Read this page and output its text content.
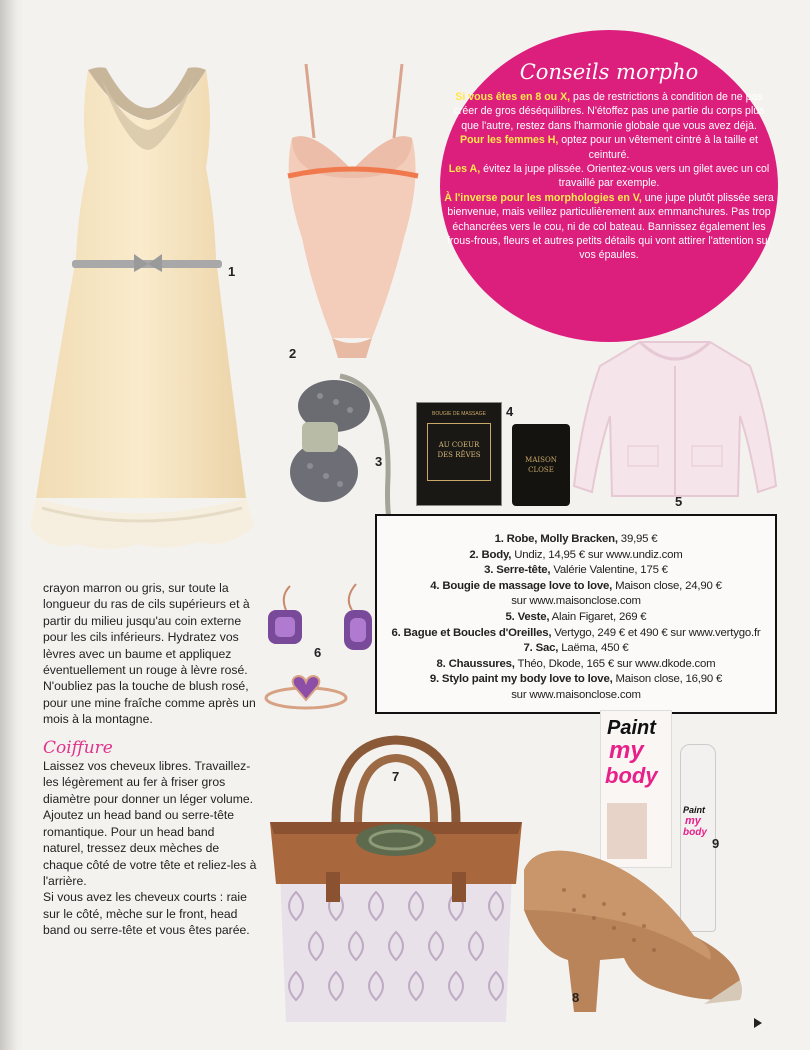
1
2
3
BOUGIE DE MASSAGE
AU COEUR
DES RÊVES
MAISON
CLOSE
4
5
Conseils morpho

Si vous êtes en 8 ou X, pas de restrictions à condition de ne pas créer de gros déséquilibres. N'étoffez pas une partie du corps plus que l'autre, restez dans l'harmonie globale que vous avez déjà.
Pour les femmes H, optez pour un vêtement cintré à la taille et ceinturé.
Les A, évitez la jupe plissée. Orientez-vous vers un gilet avec un col travaillé par exemple.
À l'inverse pour les morphologies en V, une jupe plutôt plissée sera bienvenue, mais veillez particulièrement aux emmanchures. Pas trop échancrées vers le cou, ni de col bateau. Bannissez également les frous-frous, fleurs et autres petits détails qui vont attirer l'attention sur vos épaules.

6
1. Robe, Molly Bracken, 39,95 €
2. Body, Undiz, 14,95 € sur www.undiz.com
3. Serre-tête, Valérie Valentine, 175 €
4. Bougie de massage love to love, Maison close, 24,90 €
sur www.maisonclose.com
5. Veste, Alain Figaret, 269 €
6. Bague et Boucles d'Oreilles, Vertygo, 249 € et 490 € sur www.vertygo.fr
7. Sac, Laëma, 450 €
8. Chaussures, Théo, Dkode, 165 € sur www.dkode.com
9. Stylo paint my body love to love, Maison close, 16,90 €
sur www.maisonclose.com

crayon marron ou gris, sur toute la longueur du ras de cils supérieurs et à partir du milieu jusqu'au coin externe pour les cils inférieurs. Hydratez vos lèvres avec un baume et appliquez éventuellement un rouge à lèvre rosé. N'oubliez pas la touche de blush rosé, pour une mine fraîche comme après un mois à la montagne.

Coiffure

Laissez vos cheveux libres. Travaillez-les légèrement au fer à friser gros diamètre pour donner un léger volume. Ajoutez un head band ou serre-tête romantique. Pour un head band naturel, tressez deux mèches de chaque côté de votre tête et reliez-les à l'arrière.

Si vous avez les cheveux courts : raie sur le côté, mèche sur le front, head band ou serre-tête et vous êtes parée.

7
Paint
my
body
Paint
my
body
9
8
